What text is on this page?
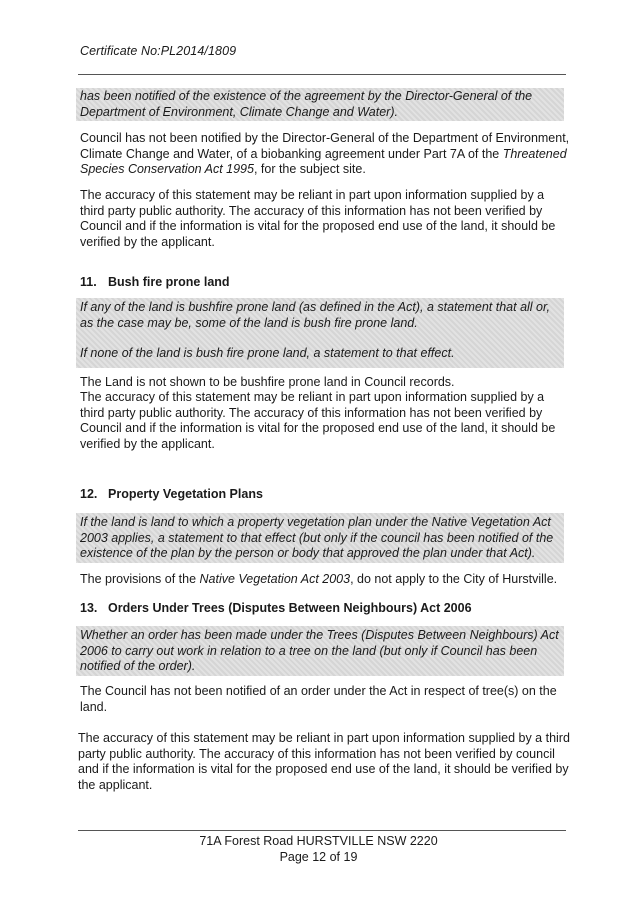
Certificate No:PL2014/1809
has been notified of the existence of the agreement by the Director-General of the Department of Environment, Climate Change and Water).
Council has not been notified by the Director-General of the Department of Environment, Climate Change and Water, of a biobanking agreement under Part 7A of the Threatened Species Conservation Act 1995, for the subject site.
The accuracy of this statement may be reliant in part upon information supplied by a third party public authority. The accuracy of this information has not been verified by Council and if the information is vital for the proposed end use of the land, it should be verified by the applicant.
11. Bush fire prone land
If any of the land is bushfire prone land (as defined in the Act), a statement that all or, as the case may be, some of the land is bush fire prone land.
If none of the land is bush fire prone land, a statement to that effect.
The Land is not shown to be bushfire prone land in Council records.
The accuracy of this statement may be reliant in part upon information supplied by a third party public authority. The accuracy of this information has not been verified by Council and if the information is vital for the proposed end use of the land, it should be verified by the applicant.
12. Property Vegetation Plans
If the land is land to which a property vegetation plan under the Native Vegetation Act 2003 applies, a statement to that effect (but only if the council has been notified of the existence of the plan by the person or body that approved the plan under that Act).
The provisions of the Native Vegetation Act 2003, do not apply to the City of Hurstville.
13. Orders Under Trees (Disputes Between Neighbours) Act 2006
Whether an order has been made under the Trees (Disputes Between Neighbours) Act 2006 to carry out work in relation to a tree on the land (but only if Council has been notified of the order).
The Council has not been notified of an order under the Act in respect of tree(s) on the land.
The accuracy of this statement may be reliant in part upon information supplied by a third party public authority. The accuracy of this information has not been verified by council and if the information is vital for the proposed end use of the land, it should be verified by the applicant.
71A Forest Road HURSTVILLE NSW 2220
Page 12 of 19
